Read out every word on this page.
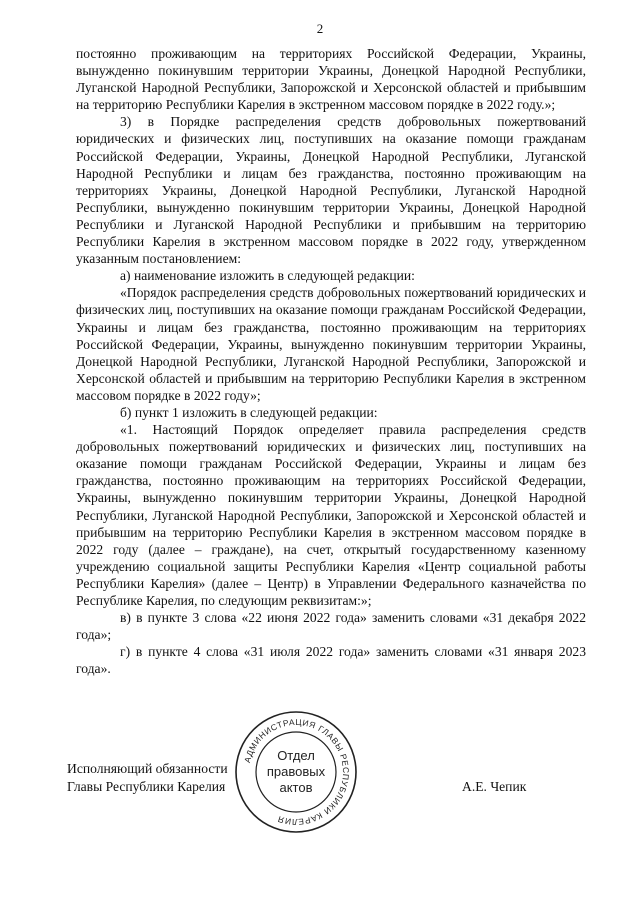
2

постоянно проживающим на территориях Российской Федерации, Украины, вынужденно покинувшим территории Украины, Донецкой Народной Республики, Луганской Народной Республики, Запорожской и Херсонской областей и прибывшим на территорию Республики Карелия в экстренном массовом порядке в 2022 году.»;

3) в Порядке распределения средств добровольных пожертвований юридических и физических лиц, поступивших на оказание помощи гражданам Российской Федерации, Украины, Донецкой Народной Республики, Луганской Народной Республики и лицам без гражданства, постоянно проживающим на территориях Украины, Донецкой Народной Республики, Луганской Народной Республики, вынужденно покинувшим территории Украины, Донецкой Народной Республики и Луганской Народной Республики и прибывшим на территорию Республики Карелия в экстренном массовом порядке в 2022 году, утвержденном указанным постановлением:

а) наименование изложить в следующей редакции:

«Порядок распределения средств добровольных пожертвований юридических и физических лиц, поступивших на оказание помощи гражданам Российской Федерации, Украины и лицам без гражданства, постоянно проживающим на территориях Российской Федерации, Украины, вынужденно покинувшим территории Украины, Донецкой Народной Республики, Луганской Народной Республики, Запорожской и Херсонской областей и прибывшим на территорию Республики Карелия в экстренном массовом порядке в 2022 году»;

б) пункт 1 изложить в следующей редакции:

«1. Настоящий Порядок определяет правила распределения средств добровольных пожертвований юридических и физических лиц, поступивших на оказание помощи гражданам Российской Федерации, Украины и лицам без гражданства, постоянно проживающим на территориях Российской Федерации, Украины, вынужденно покинувшим территории Украины, Донецкой Народной Республики, Луганской Народной Республики, Запорожской и Херсонской областей и прибывшим на территорию Республики Карелия в экстренном массовом порядке в 2022 году (далее – граждане), на счет, открытый государственному казенному учреждению социальной защиты Республики Карелия «Центр социальной работы Республики Карелия» (далее – Центр) в Управлении Федерального казначейства по Республике Карелия, по следующим реквизитам:»;

в) в пункте 3 слова «22 июня 2022 года» заменить словами «31 декабря 2022 года»;

г) в пункте 4 слова «31 июля 2022 года» заменить словами «31 января 2023 года».

Исполняющий обязанности
Главы Республики Карелия
АДМИНИСТРАЦИЯ ГЛАВЫ РЕСПУБЛИКИ КАРЕЛИЯ
Отдел
правовых
актов	А.Е. Чепик
